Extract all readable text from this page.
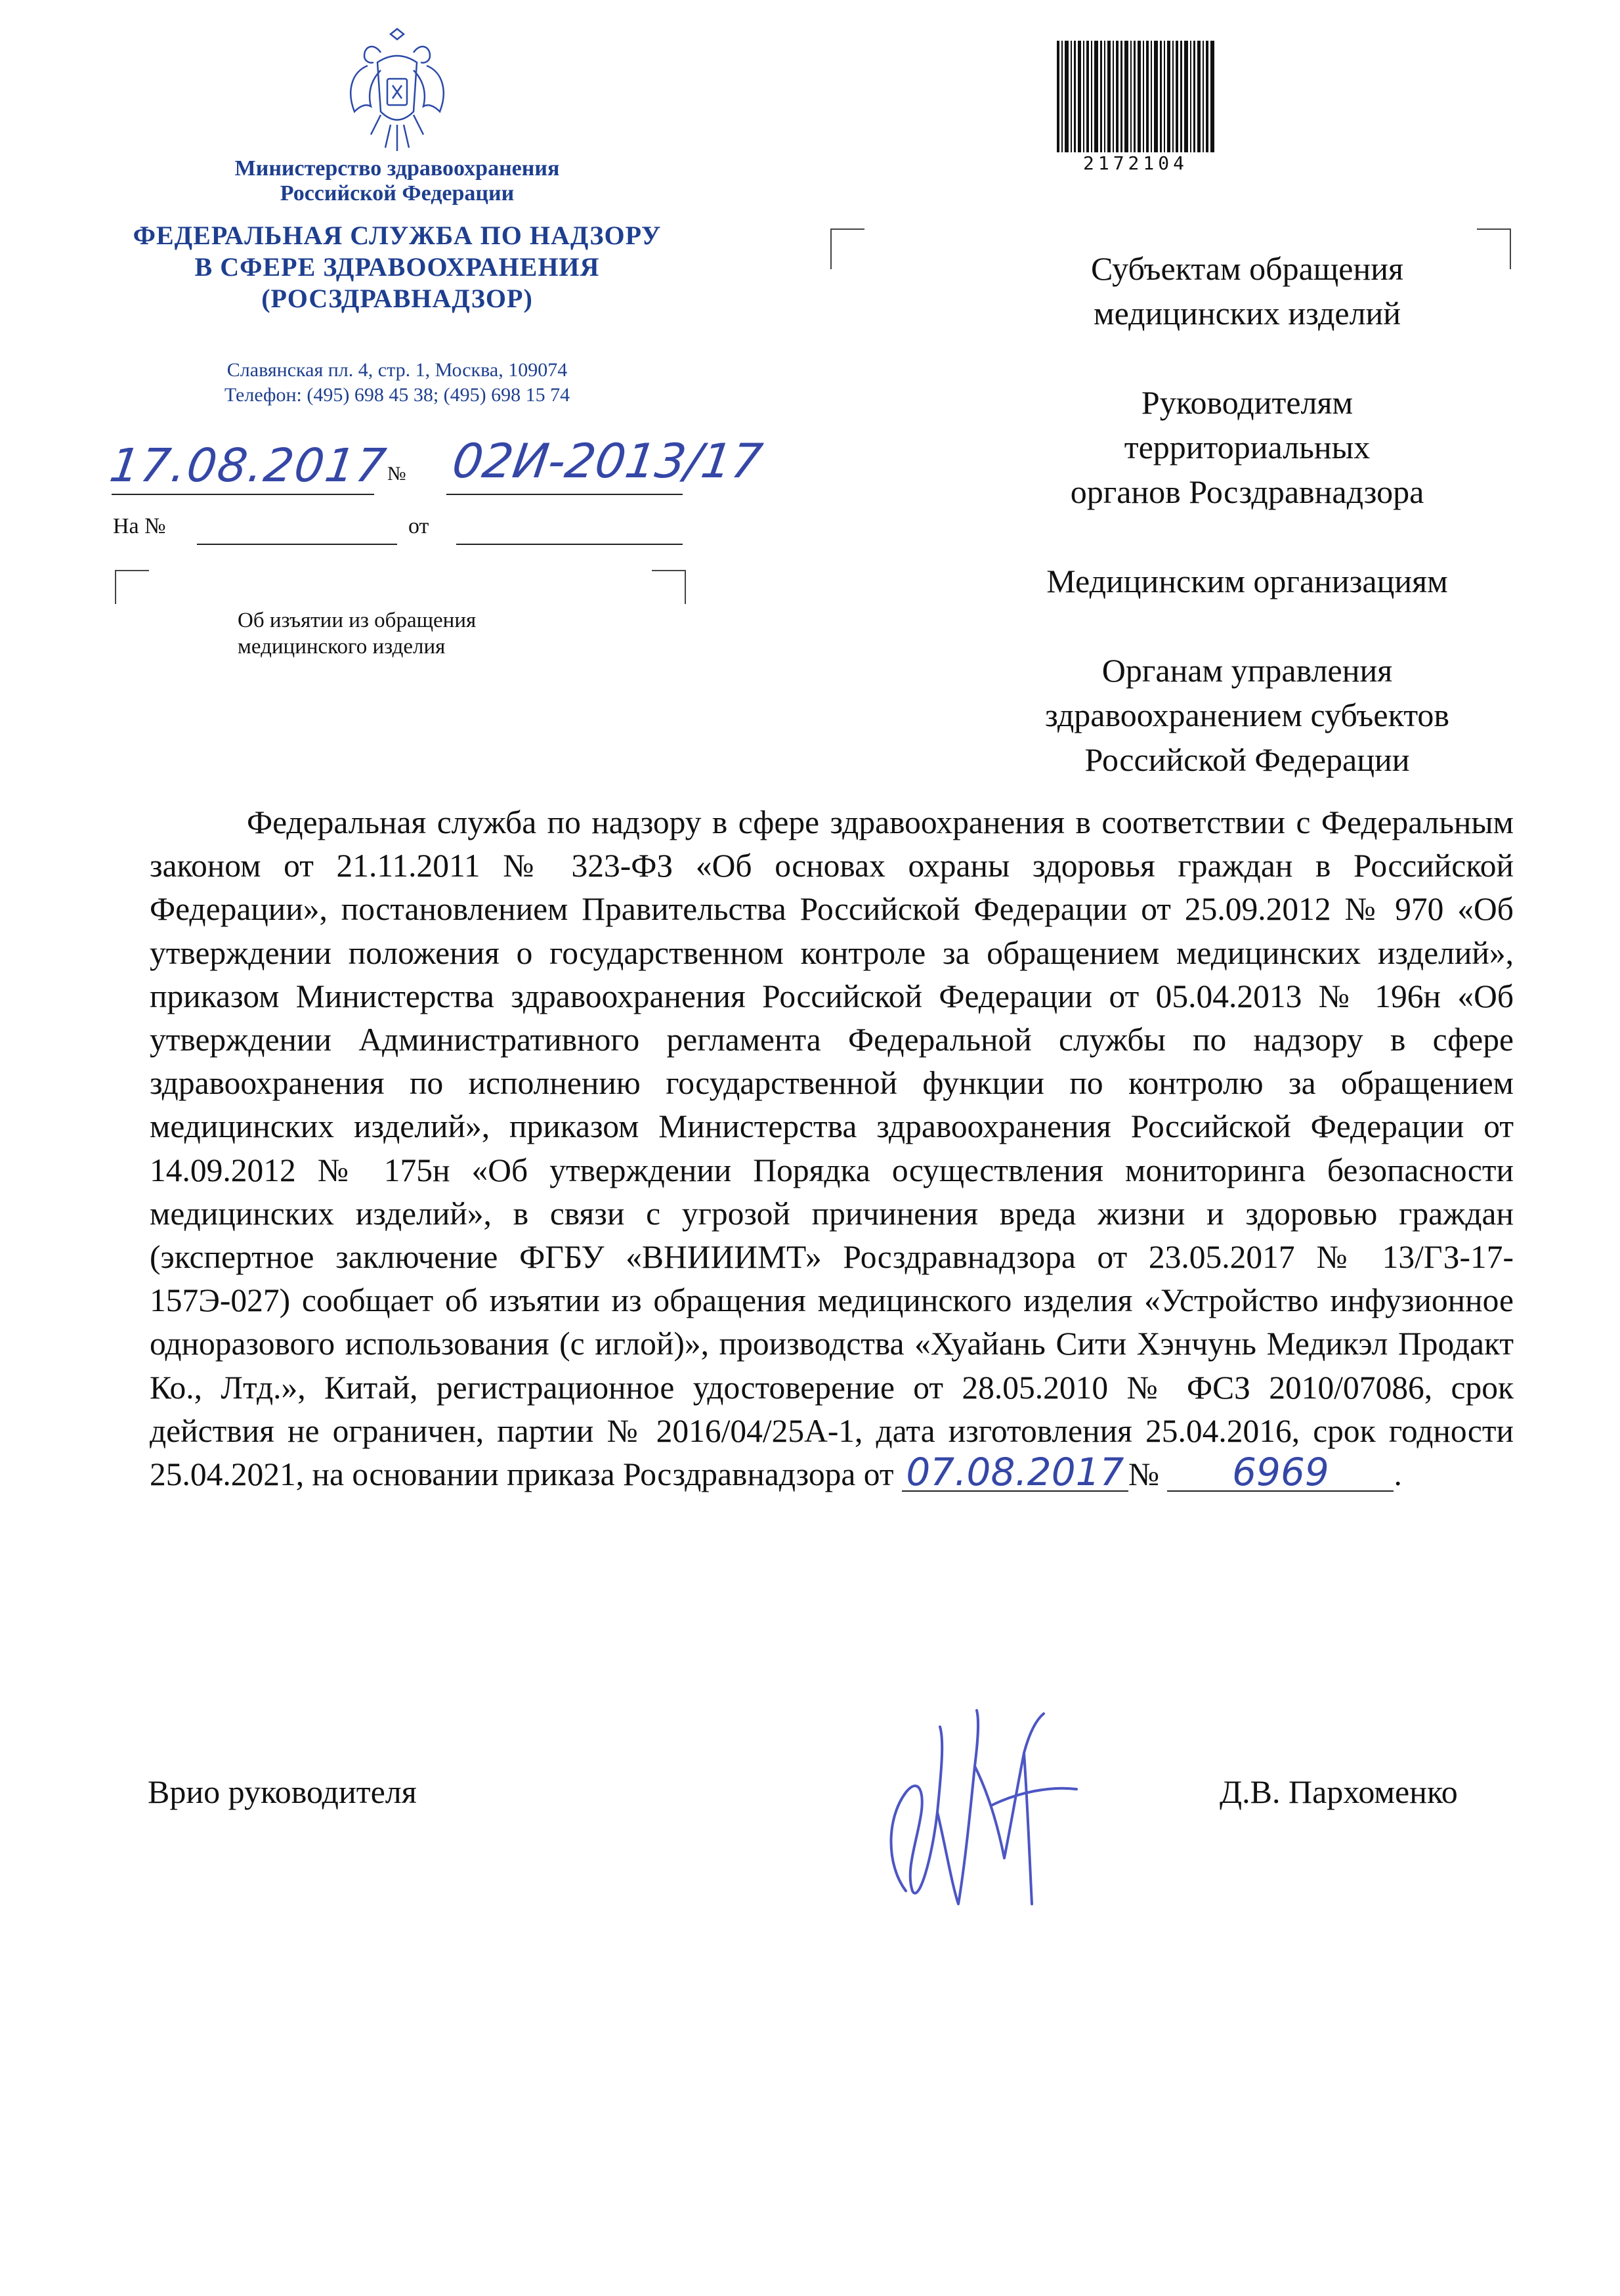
Министерство здравоохранения
Российской Федерации
ФЕДЕРАЛЬНАЯ СЛУЖБА ПО НАДЗОРУ
В СФЕРЕ ЗДРАВООХРАНЕНИЯ
(РОСЗДРАВНАДЗОР)
Славянская пл. 4, стр. 1, Москва, 109074
Телефон: (495) 698 45 38; (495) 698 15 74
2172104
17.08.2017
№ 02И-2013/17
На №	от
Об изъятии из обращения
медицинского изделия
Субъектам обращения
медицинских изделий
Руководителям
территориальных
органов Росздравнадзора
Медицинским организациям
Органам управления
здравоохранением субъектов
Российской Федерации

Федеральная служба по надзору в сфере здравоохранения в соответствии с Федеральным законом от 21.11.2011 № 323-ФЗ «Об основах охраны здоровья граждан в Российской Федерации», постановлением Правительства Российской Федерации от 25.09.2012 № 970 «Об утверждении положения о государственном контроле за обращением медицинских изделий», приказом Министерства здравоохранения Российской Федерации от 05.04.2013 № 196н «Об утверждении Административного регламента Федеральной службы по надзору в сфере здравоохранения по исполнению государственной функции по контролю за обращением медицинских изделий», приказом Министерства здравоохранения Российской Федерации от 14.09.2012 № 175н «Об утверждении Порядка осуществления мониторинга безопасности медицинских изделий», в связи с угрозой причинения вреда жизни и здоровью граждан (экспертное заключение ФГБУ «ВНИИИМТ» Росздравнадзора от 23.05.2017 № 13/ГЗ-17-157Э-027) сообщает об изъятии из обращения медицинского изделия «Устройство инфузионное одноразового использования (с иглой)», производства «Хуайань Сити Хэнчунь Медикэл Продакт Ко., Лтд.», Китай, регистрационное удостоверение от 28.05.2010 № ФСЗ 2010/07086, срок действия не ограничен, партии № 2016/04/25А-1, дата изготовления 25.04.2016, срок годности 25.04.2021, на основании приказа Росздравнадзора от 07.08.2017 № 6969 .

Врио руководителя	Д.В. Пархоменко
